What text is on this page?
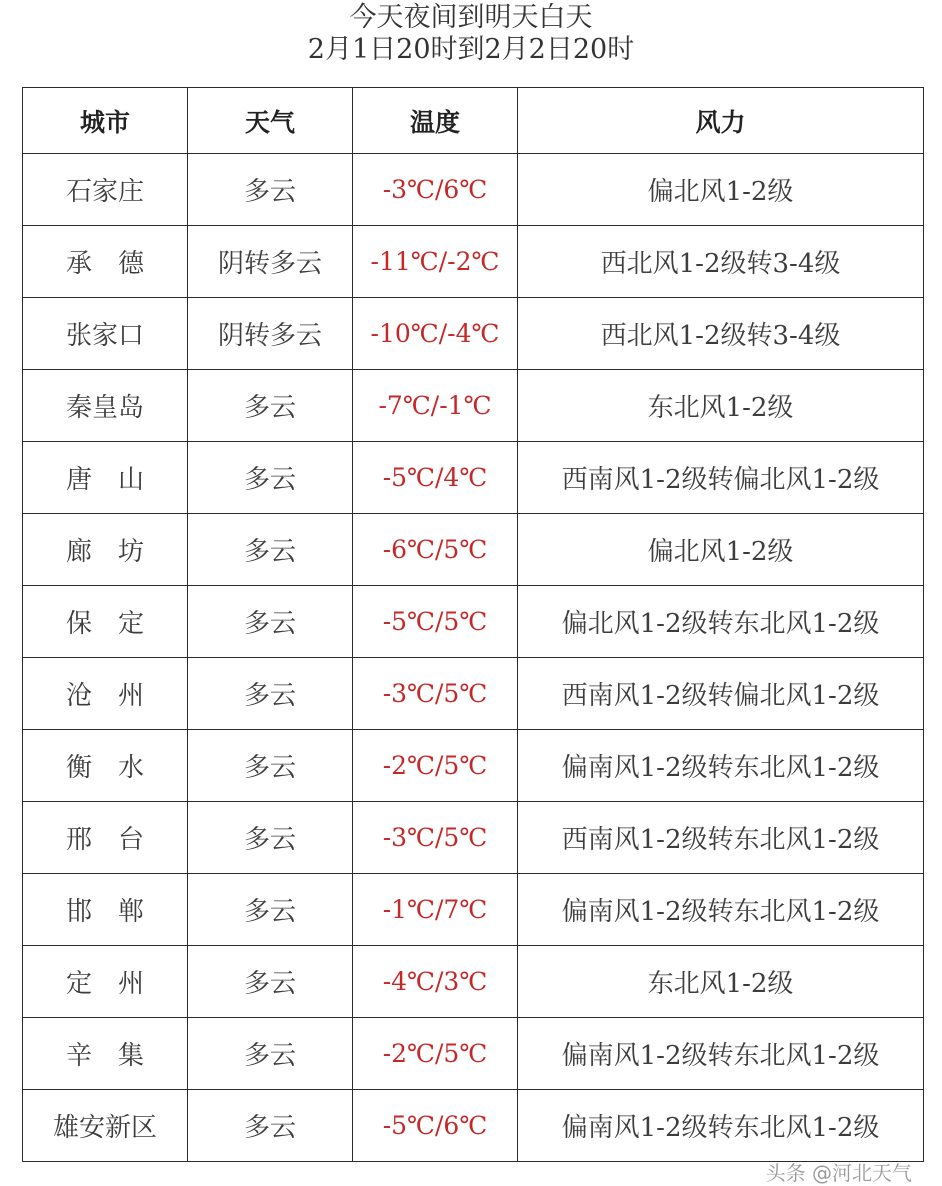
今天夜间到明天白天
2月1日20时到2月2日20时
城市	天气	温度	风力
石家庄	多云	-3℃/6℃	偏北风1-2级
承　德	阴转多云	-11℃/-2℃	西北风1-2级转3-4级
张家口	阴转多云	-10℃/-4℃	西北风1-2级转3-4级
秦皇岛	多云	-7℃/-1℃	东北风1-2级
唐　山	多云	-5℃/4℃	西南风1-2级转偏北风1-2级
廊　坊	多云	-6℃/5℃	偏北风1-2级
保　定	多云	-5℃/5℃	偏北风1-2级转东北风1-2级
沧　州	多云	-3℃/5℃	西南风1-2级转偏北风1-2级
衡　水	多云	-2℃/5℃	偏南风1-2级转东北风1-2级
邢　台	多云	-3℃/5℃	西南风1-2级转东北风1-2级
邯　郸	多云	-1℃/7℃	偏南风1-2级转东北风1-2级
定　州	多云	-4℃/3℃	东北风1-2级
辛　集	多云	-2℃/5℃	偏南风1-2级转东北风1-2级
雄安新区	多云	-5℃/6℃	偏南风1-2级转东北风1-2级
头条 @河北天气
